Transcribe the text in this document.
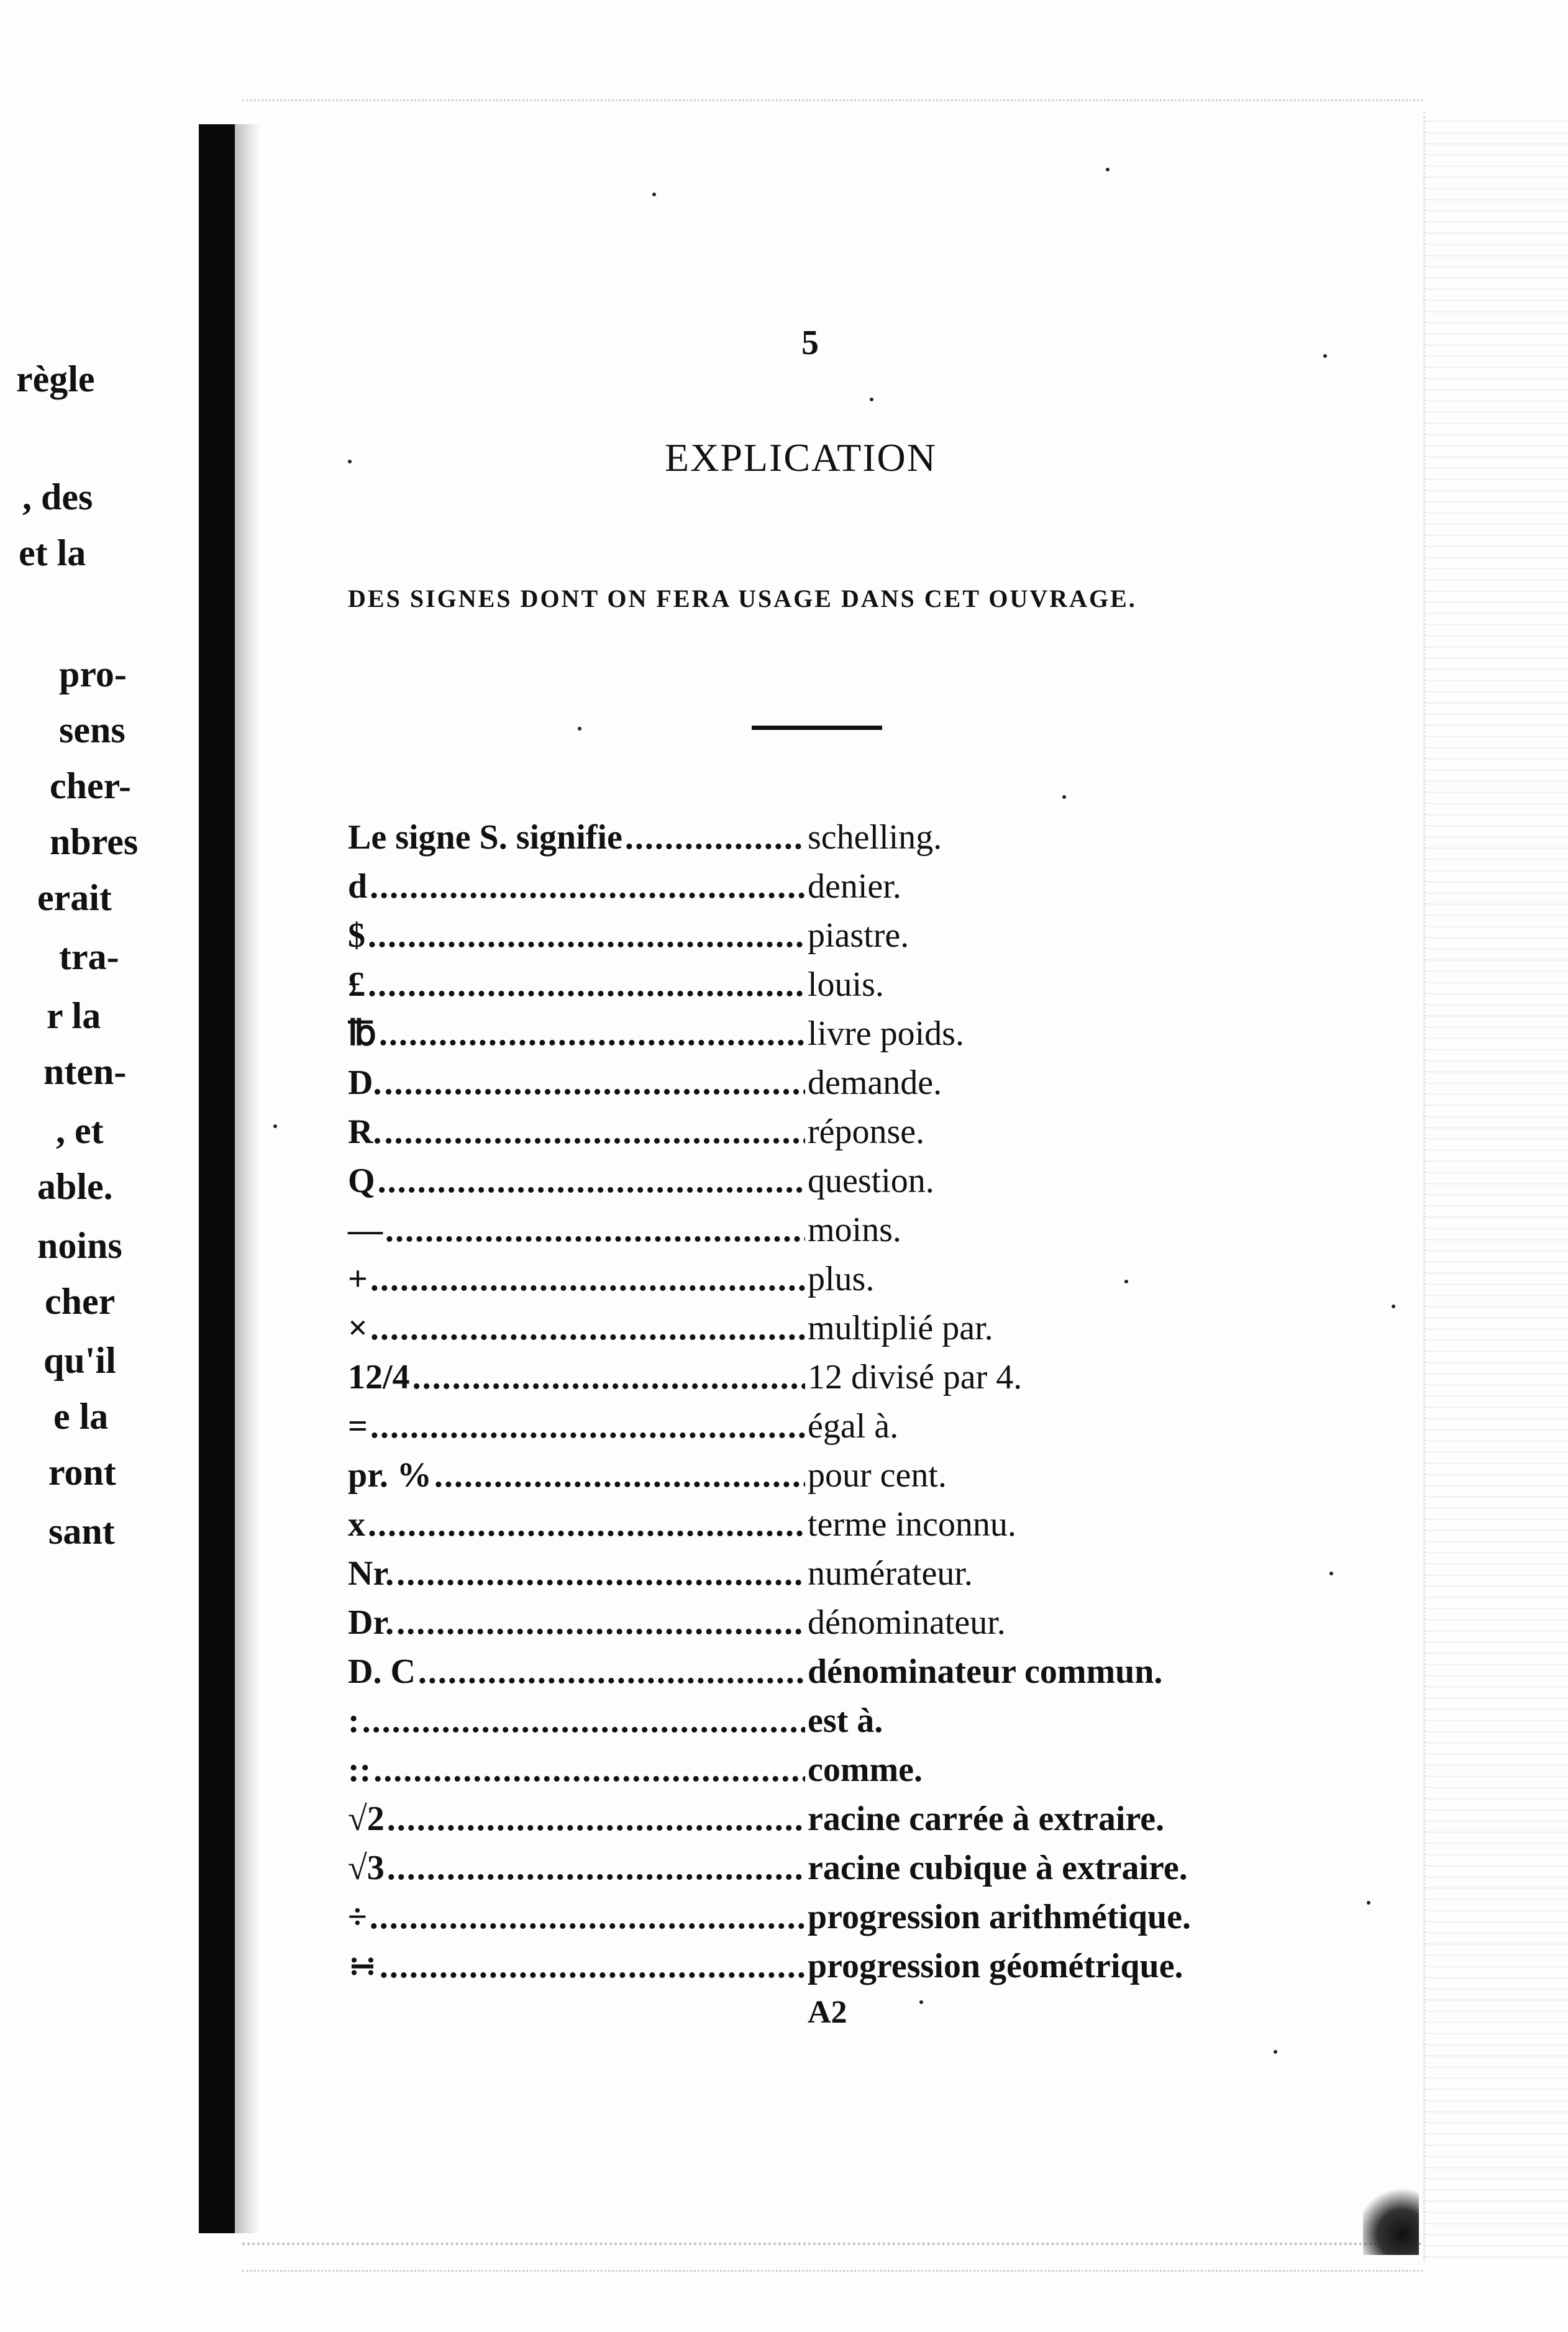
règle
, des
et la
pro-
sens
cher-
nbres
erait
tra-
r la
nten-
, et
able.
noins
cher
qu'il
e la
ront
sant
5
EXPLICATION
DES SIGNES DONT ON FERA USAGE DANS CET OUVRAGE.
Le signe S. signifie .....	schelling.
d .....	denier.
$ .....	piastre.
£ .....	louis.
℔ .....	livre poids.
D. .....	demande.
R. .....	réponse.
Q .....	question.
— .....	moins.
+ .....	plus.
× .....	multiplié par.
12/4 .....	12 divisé par 4.
= .....	égal à.
pr. % .....	pour cent.
x .....	terme inconnu.
Nr. .....	numérateur.
Dr. .....	dénominateur.
D. C .....	dénominateur commun.
: .....	est à.
:: .....	comme.
√2 .....	racine carrée à extraire.
√3 .....	racine cubique à extraire.
÷ .....	progression arithmétique.
∺ .....	progression géométrique.
A2
